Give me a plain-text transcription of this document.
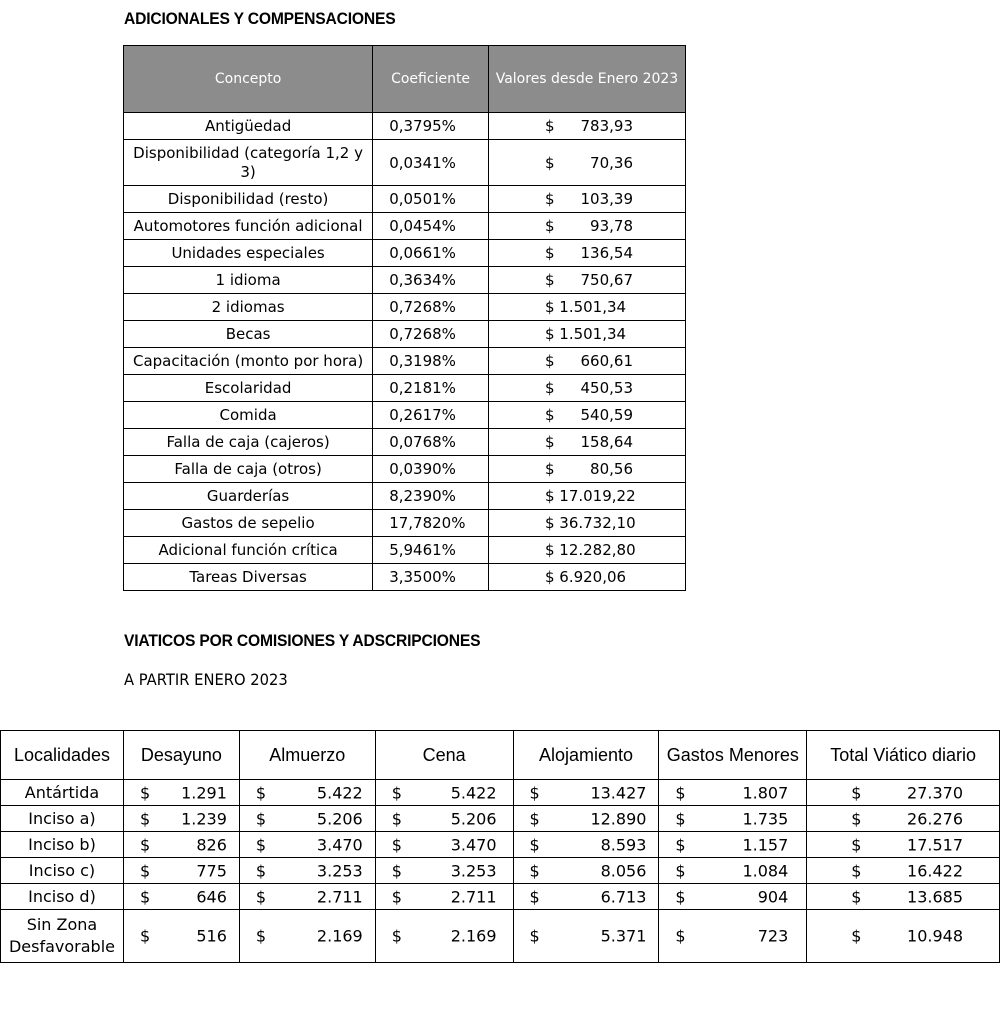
ADICIONALES Y COMPENSACIONES
Concepto	Coeficiente	Valores desde Enero 2023
Antigüedad	0,3795%	$ 783,93

Disponibilidad (categoría 1,2 y 3)	0,0341%	$ 70,36

Disponibilidad (resto)	0,0501%	$ 103,39

Automotores función adicional	0,0454%	$ 93,78

Unidades especiales	0,0661%	$ 136,54

1 idioma	0,3634%	$ 750,67

2 idiomas	0,7268%	$ 1.501,34

Becas	0,7268%	$ 1.501,34

Capacitación (monto por hora)	0,3198%	$ 660,61

Escolaridad	0,2181%	$ 450,53

Comida	0,2617%	$ 540,59

Falla de caja (cajeros)	0,0768%	$ 158,64

Falla de caja (otros)	0,0390%	$ 80,56

Guarderías	8,2390%	$ 17.019,22

Gastos de sepelio	17,7820%	$ 36.732,10

Adicional función crítica	5,9461%	$ 12.282,80

Tareas Diversas	3,3500%	$ 6.920,06
VIATICOS POR COMISIONES Y ADSCRIPCIONES
A PARTIR ENERO 2023
Localidades	Desayuno	Almuerzo	Cena	Alojamiento	Gastos Menores	Total Viático diario
Antártida	$ 1.291	$ 5.422	$ 5.422	$ 13.427	$ 1.807	$ 27.370

Inciso a)	$ 1.239	$ 5.206	$ 5.206	$ 12.890	$ 1.735	$ 26.276

Inciso b)	$ 826	$ 3.470	$ 3.470	$ 8.593	$ 1.157	$ 17.517

Inciso c)	$ 775	$ 3.253	$ 3.253	$ 8.056	$ 1.084	$ 16.422

Inciso d)	$ 646	$ 2.711	$ 2.711	$ 6.713	$ 904	$ 13.685

Sin Zona Desfavorable	$ 516	$ 2.169	$ 2.169	$ 5.371	$ 723	$ 10.948
